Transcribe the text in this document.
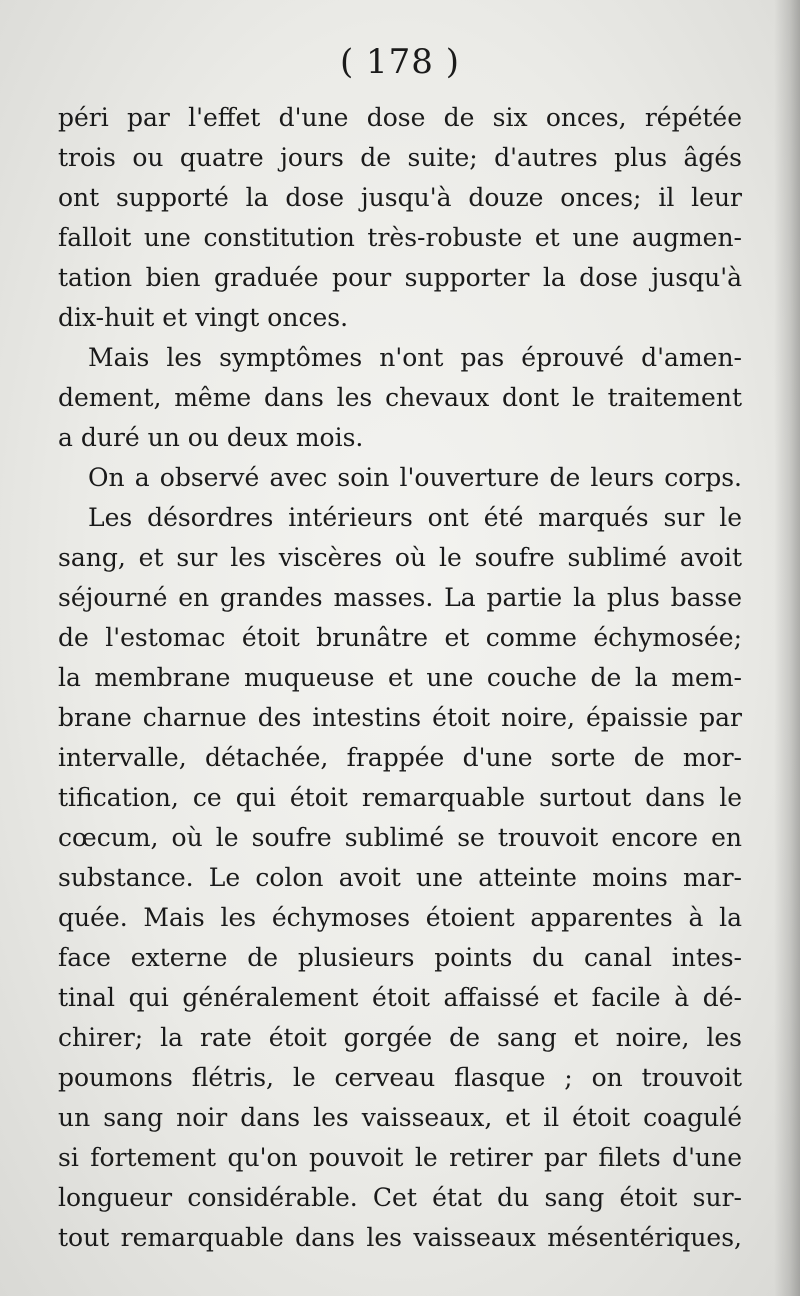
( 178 )
péri par l'effet d'une dose de six onces, répétée
trois ou quatre jours de suite; d'autres plus âgés
ont supporté la dose jusqu'à douze onces; il leur
falloit une constitution très-robuste et une augmen-
tation bien graduée pour supporter la dose jusqu'à
dix-huit et vingt onces.
Mais les symptômes n'ont pas éprouvé d'amen-
dement, même dans les chevaux dont le traitement
a duré un ou deux mois.
On a observé avec soin l'ouverture de leurs corps.
Les désordres intérieurs ont été marqués sur le
sang, et sur les viscères où le soufre sublimé avoit
séjourné en grandes masses. La partie la plus basse
de l'estomac étoit brunâtre et comme échymosée;
la membrane muqueuse et une couche de la mem-
brane charnue des intestins étoit noire, épaissie par
intervalle, détachée, frappée d'une sorte de mor-
tification, ce qui étoit remarquable surtout dans le
cœcum, où le soufre sublimé se trouvoit encore en
substance. Le colon avoit une atteinte moins mar-
quée. Mais les échymoses étoient apparentes à la
face externe de plusieurs points du canal intes-
tinal qui généralement étoit affaissé et facile à dé-
chirer; la rate étoit gorgée de sang et noire, les
poumons flétris, le cerveau flasque ; on trouvoit
un sang noir dans les vaisseaux, et il étoit coagulé
si fortement qu'on pouvoit le retirer par filets d'une
longueur considérable. Cet état du sang étoit sur-
tout remarquable dans les vaisseaux mésentériques,
